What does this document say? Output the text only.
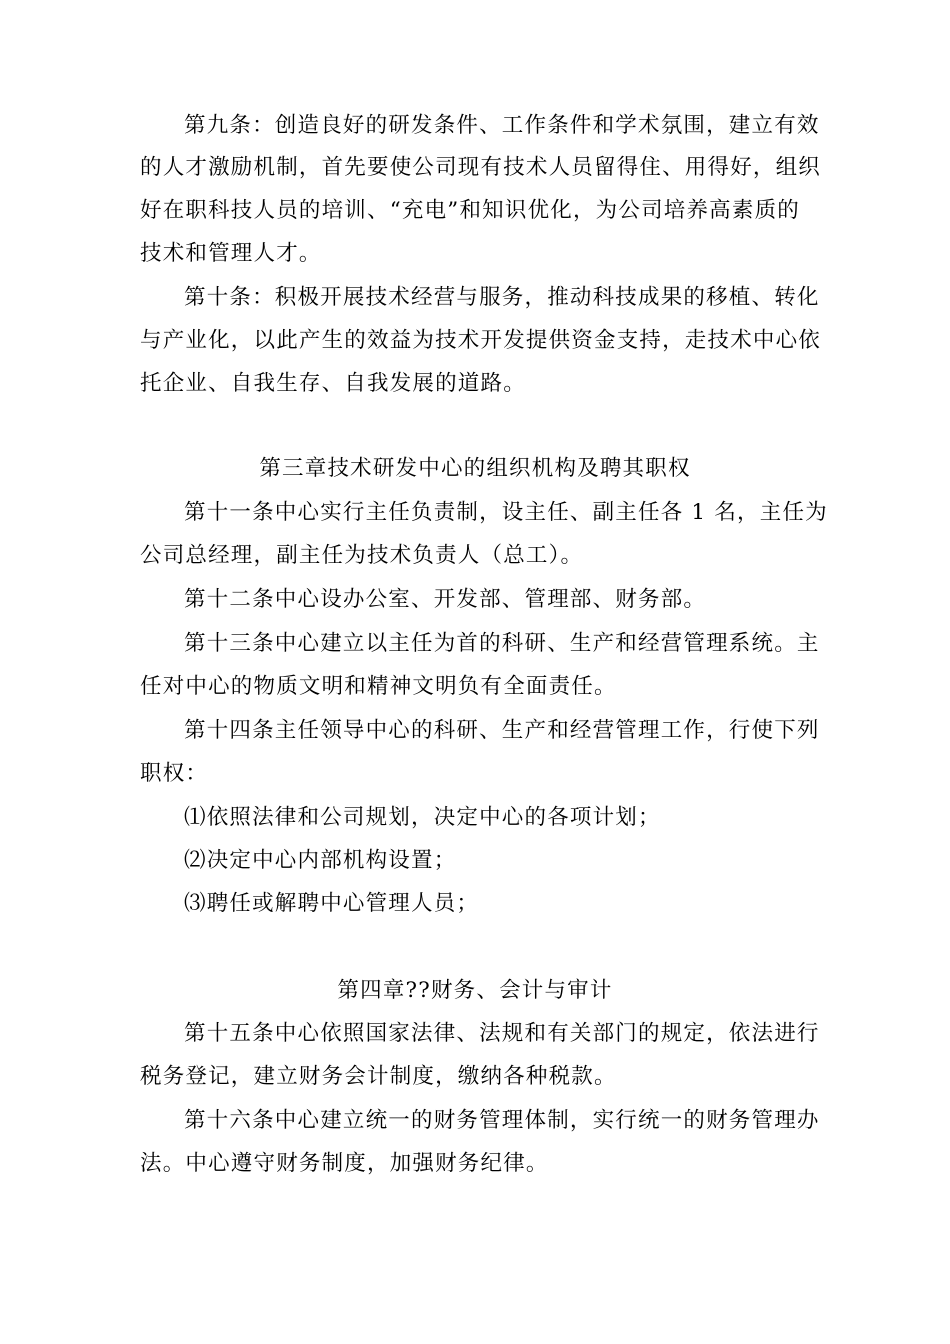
第九条：创造良好的研发条件、工作条件和学术氛围，建立有效
的人才激励机制，首先要使公司现有技术人员留得住、用得好，组织
好在职科技人员的培训、“充电”和知识优化，为公司培养高素质的
技术和管理人才。
第十条：积极开展技术经营与服务，推动科技成果的移植、转化
与产业化，以此产生的效益为技术开发提供资金支持，走技术中心依
托企业、自我生存、自我发展的道路。
第三章技术研发中心的组织机构及聘其职权
第十一条中心实行主任负责制，设主任、副主任各 1 名，主任为
公司总经理，副主任为技术负责人（总工）。
第十二条中心设办公室、开发部、管理部、财务部。
第十三条中心建立以主任为首的科研、生产和经营管理系统。主
任对中心的物质文明和精神文明负有全面责任。
第十四条主任领导中心的科研、生产和经营管理工作，行使下列
职权：
⑴依照法律和公司规划，决定中心的各项计划；
⑵决定中心内部机构设置；
⑶聘任或解聘中心管理人员；
第四章??财务、会计与审计
第十五条中心依照国家法律、法规和有关部门的规定，依法进行
税务登记，建立财务会计制度，缴纳各种税款。
第十六条中心建立统一的财务管理体制，实行统一的财务管理办
法。中心遵守财务制度，加强财务纪律。
